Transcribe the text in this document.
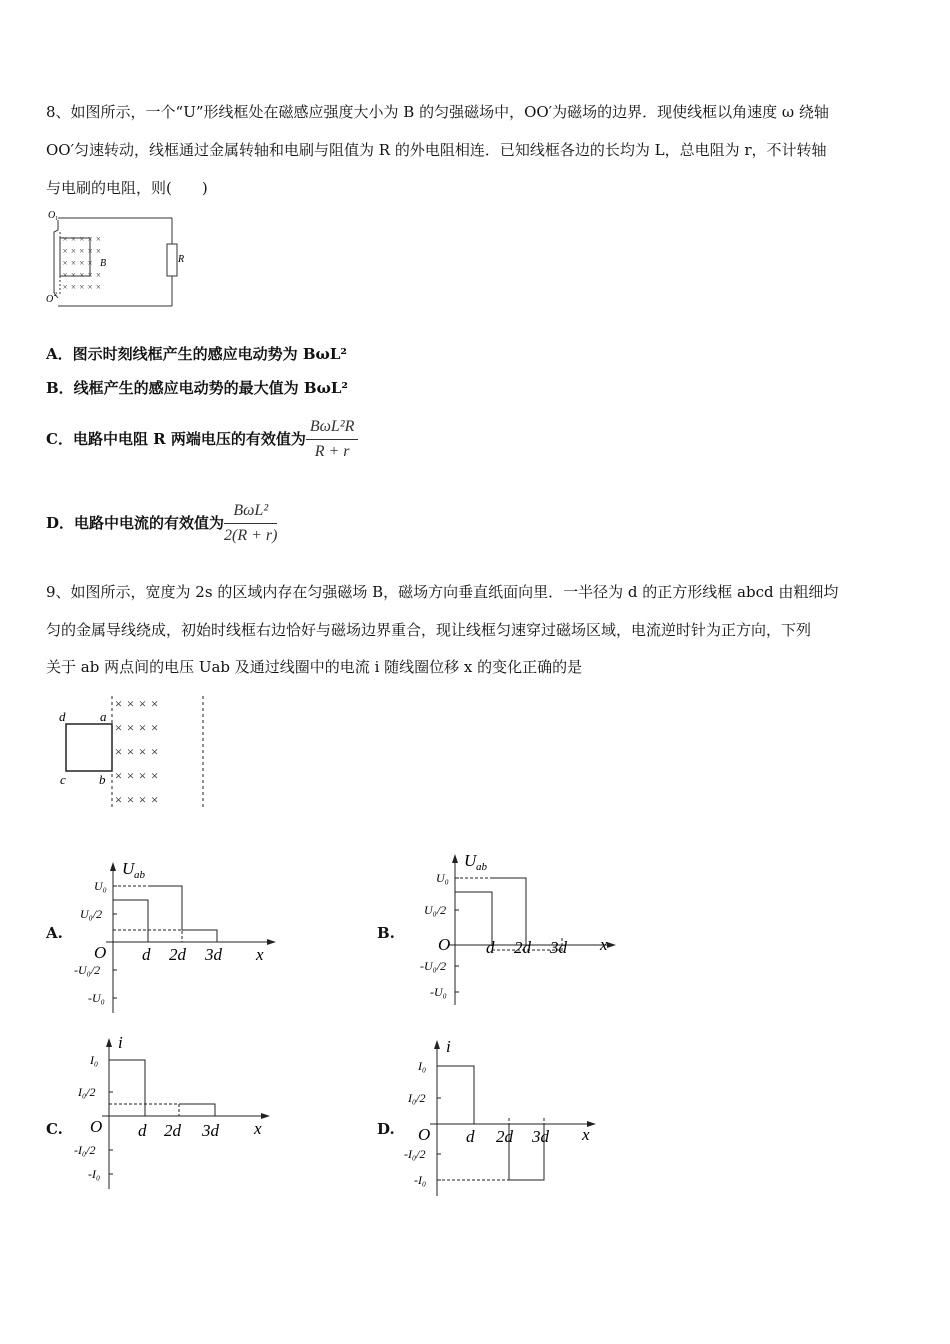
8、如图所示，一个“U”形线框处在磁感应强度大小为 B 的匀强磁场中，OO′为磁场的边界．现使线框以角速度 ω 绕轴
OO′匀速转动，线框通过金属转轴和电刷与阻值为 R 的外电阻相连．已知线框各边的长均为 L，总电阻为 r，不计转轴
与电刷的电阻，则(　　)
× × × × ×
× × × × ×
× × × ×
× × × × ×
× × × × ×
B
O 1
O 2
R
A．图示时刻线框产生的感应电动势为 BωL²
B．线框产生的感应电动势的最大值为 BωL²
C．电路中电阻 R 两端电压的有效值为 $\frac{\text{BωL²R}}{R + r}$
D．电路中电流的有效值为 $\frac{\text{BωL²}}{2(R + r)}$
9、如图所示，宽度为 2s 的区域内存在匀强磁场 B，磁场方向垂直纸面向里．一半径为 d 的正方形线框 abcd 由粗细均
匀的金属导线绕成，初始时线框右边恰好与磁场边界重合，现让线框匀速穿过磁场区域，电流逆时针为正方向，下列
关于 ab 两点间的电压 Uab 及通过线圈中的电流 i 随线圈位移 x 的变化正确的是
× × × ×
× × × ×
× × × ×
× × × ×
× × × ×
d	a
c	b
A.	B.
C.	D.
U ab
U₀
U₀/2
-U₀/2
-U₀
O d 2d 3d x
U ab
U₀
U₀/2
-U₀/2
-U₀
O d 2d 3d x
i
I₀
I₀/2
-I₀/2
-I₀
O d 2d 3d x
i
I₀
I₀/2
-I₀/2
-I₀
O d 2d 3d x
